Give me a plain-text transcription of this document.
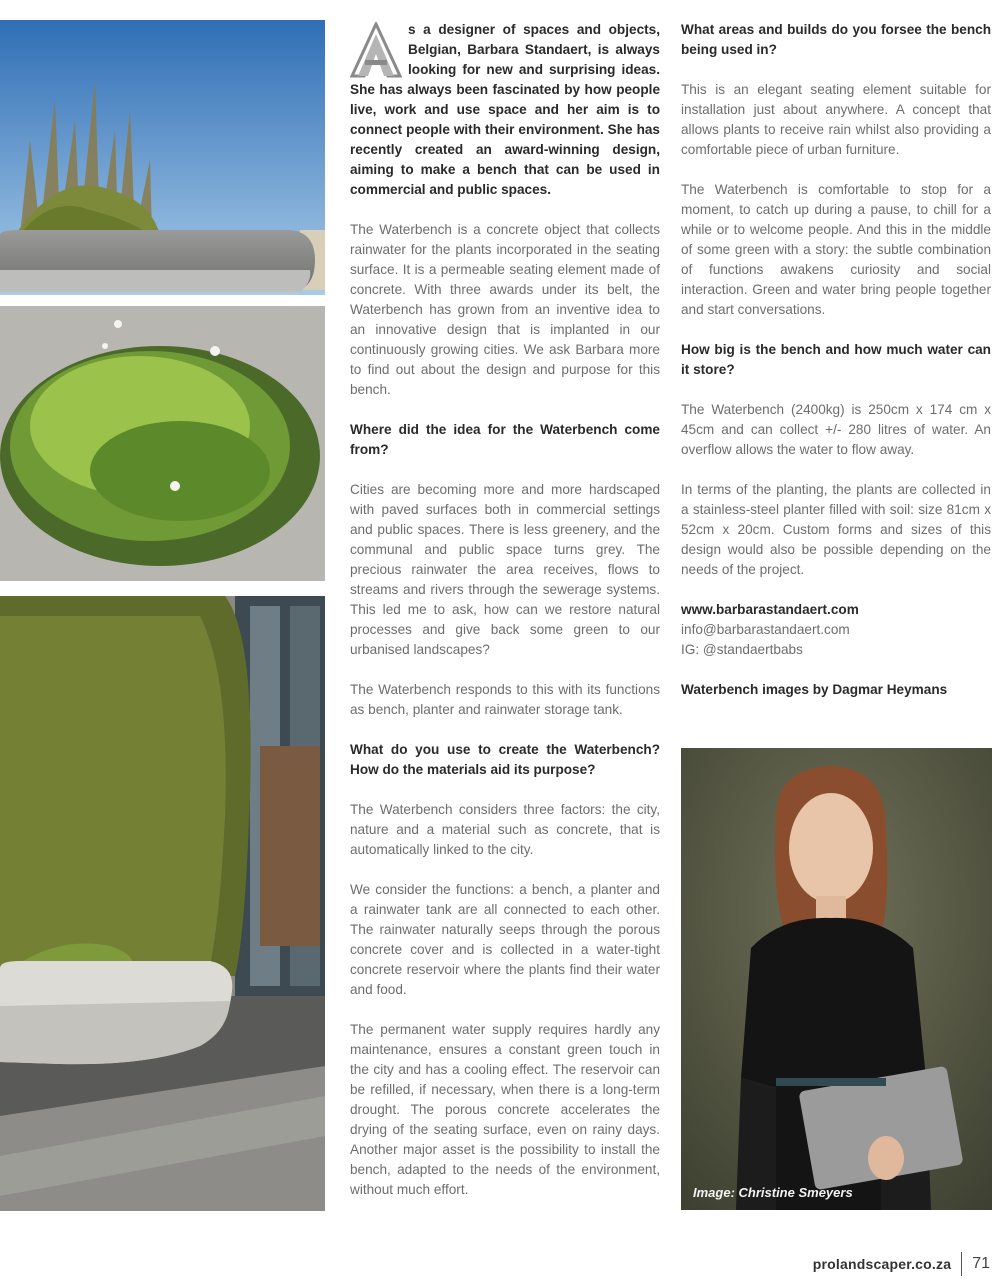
s a designer of spaces and objects, Belgian, Barbara Standaert, is always looking for new and surprising ideas. She has always been fascinated by how people live, work and use space and her aim is to connect people with their environment. She has recently created an award-winning design, aiming to make a bench that can be used in commercial and public spaces.

The Waterbench is a concrete object that collects rainwater for the plants incorporated in the seating surface. It is a permeable seating element made of concrete. With three awards under its belt, the Waterbench has grown from an inventive idea to an innovative design that is implanted in our continuously growing cities. We ask Barbara more to find out about the design and purpose for this bench.

Where did the idea for the Waterbench come from?

Cities are becoming more and more hardscaped with paved surfaces both in commercial settings and public spaces. There is less greenery, and the communal and public space turns grey. The precious rainwater the area receives, flows to streams and rivers through the sewerage systems. This led me to ask, how can we restore natural processes and give back some green to our urbanised landscapes?

The Waterbench responds to this with its functions as bench, planter and rainwater storage tank.

What do you use to create the Waterbench? How do the materials aid its purpose?

The Waterbench considers three factors: the city, nature and a material such as concrete, that is automatically linked to the city.

We consider the functions: a bench, a planter and a rainwater tank are all connected to each other. The rainwater naturally seeps through the porous concrete cover and is collected in a water-tight concrete reservoir where the plants find their water and food.

The permanent water supply requires hardly any maintenance, ensures a constant green touch in the city and has a cooling effect. The reservoir can be refilled, if necessary, when there is a long-term drought. The porous concrete accelerates the drying of the seating surface, even on rainy days. Another major asset is the possibility to install the bench, adapted to the needs of the environment, without much effort.

What areas and builds do you forsee the bench being used in?

This is an elegant seating element suitable for installation just about anywhere. A concept that allows plants to receive rain whilst also providing a comfortable piece of urban furniture.

The Waterbench is comfortable to stop for a moment, to catch up during a pause, to chill for a while or to welcome people. And this in the middle of some green with a story: the subtle combination of functions awakens curiosity and social interaction. Green and water bring people together and start conversations.

How big is the bench and how much water can it store?

The Waterbench (2400kg) is 250cm x 174 cm x 45cm and can collect +/- 280 litres of water. An overflow allows the water to flow away.

In terms of the planting, the plants are collected in a stainless-steel planter filled with soil: size 81cm x 52cm x 20cm. Custom forms and sizes of this design would also be possible depending on the needs of the project.

www.barbarastandaert.com
info@barbarastandaert.com
IG: @standaertbabs

Waterbench images by Dagmar Heymans

Image: Christine Smeyers
prolandscaper.co.za 71
